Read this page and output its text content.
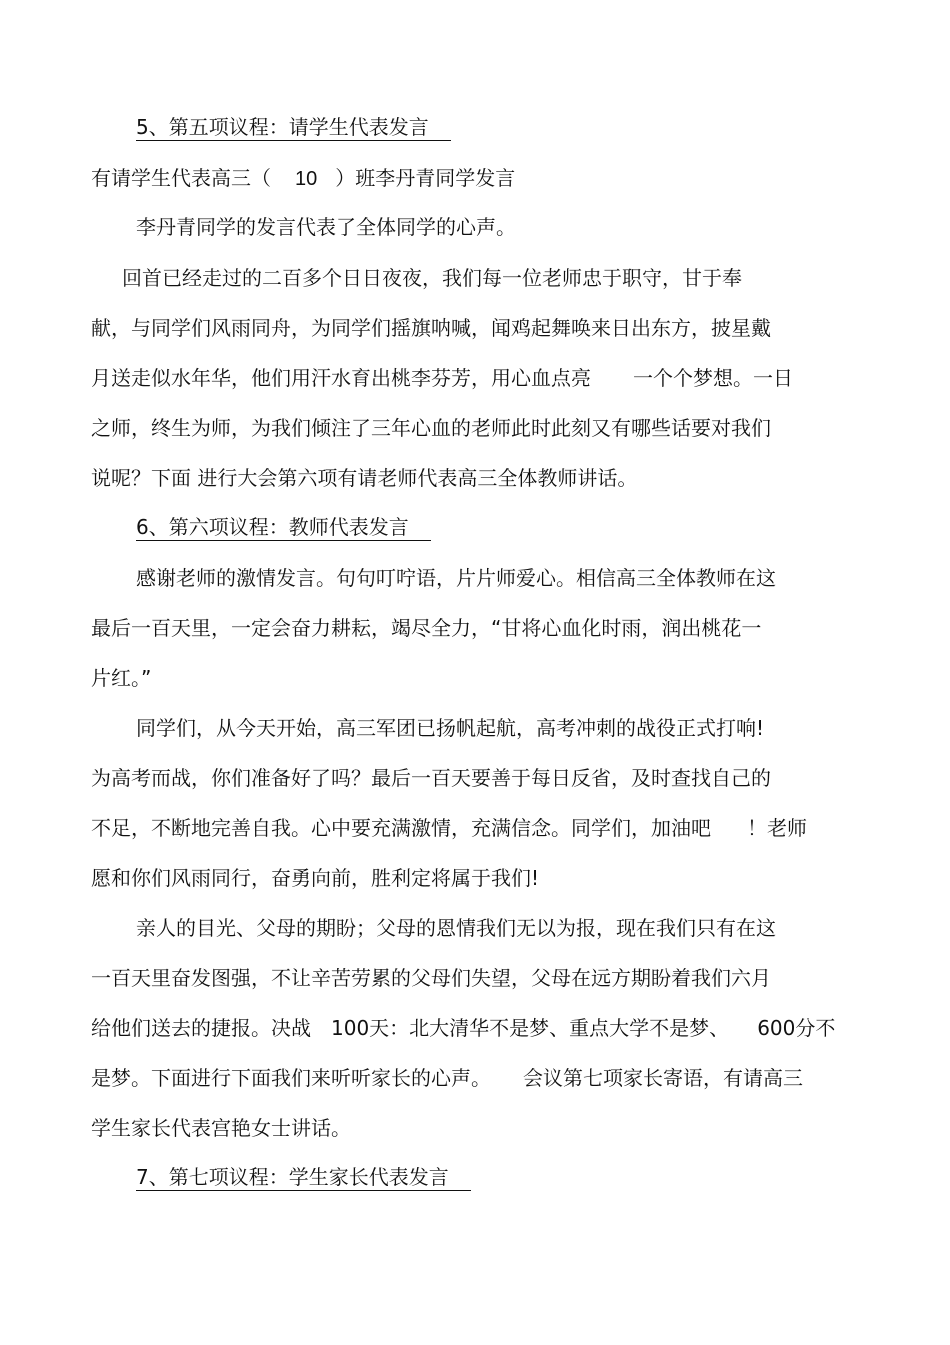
5、第五项议程：请学生代表发言
有请学生代表高三（ 10 ）班李丹青同学发言
李丹青同学的发言代表了全体同学的心声。
回首已经走过的二百多个日日夜夜，我们每一位老师忠于职守，甘于奉
献，与同学们风雨同舟，为同学们摇旗呐喊，闻鸡起舞唤来日出东方，披星戴
月送走似水年华，他们用汗水育出桃李芬芳，用心血点亮 一个个梦想。一日
之师，终生为师，为我们倾注了三年心血的老师此时此刻又有哪些话要对我们
说呢？下面 进行大会第六项有请老师代表高三全体教师讲话。
6、第六项议程：教师代表发言
感谢老师的激情发言。句句叮咛语，片片师爱心。相信高三全体教师在这
最后一百天里，一定会奋力耕耘，竭尽全力，“甘将心血化时雨，润出桃花一
片红。”
同学们，从今天开始，高三军团已扬帆起航，高考冲刺的战役正式打响!
为高考而战，你们准备好了吗？最后一百天要善于每日反省，及时查找自己的
不足，不断地完善自我。心中要充满激情，充满信念。同学们，加油吧 ！老师
愿和你们风雨同行，奋勇向前，胜利定将属于我们!
亲人的目光、父母的期盼；父母的恩情我们无以为报，现在我们只有在这
一百天里奋发图强，不让辛苦劳累的父母们失望，父母在远方期盼着我们六月
给他们送去的捷报。决战 100天：北大清华不是梦、重点大学不是梦、 600分不
是梦。下面进行下面我们来听听家长的心声。 会议第七项家长寄语，有请高三
学生家长代表宫艳女士讲话。
7、第七项议程：学生家长代表发言
